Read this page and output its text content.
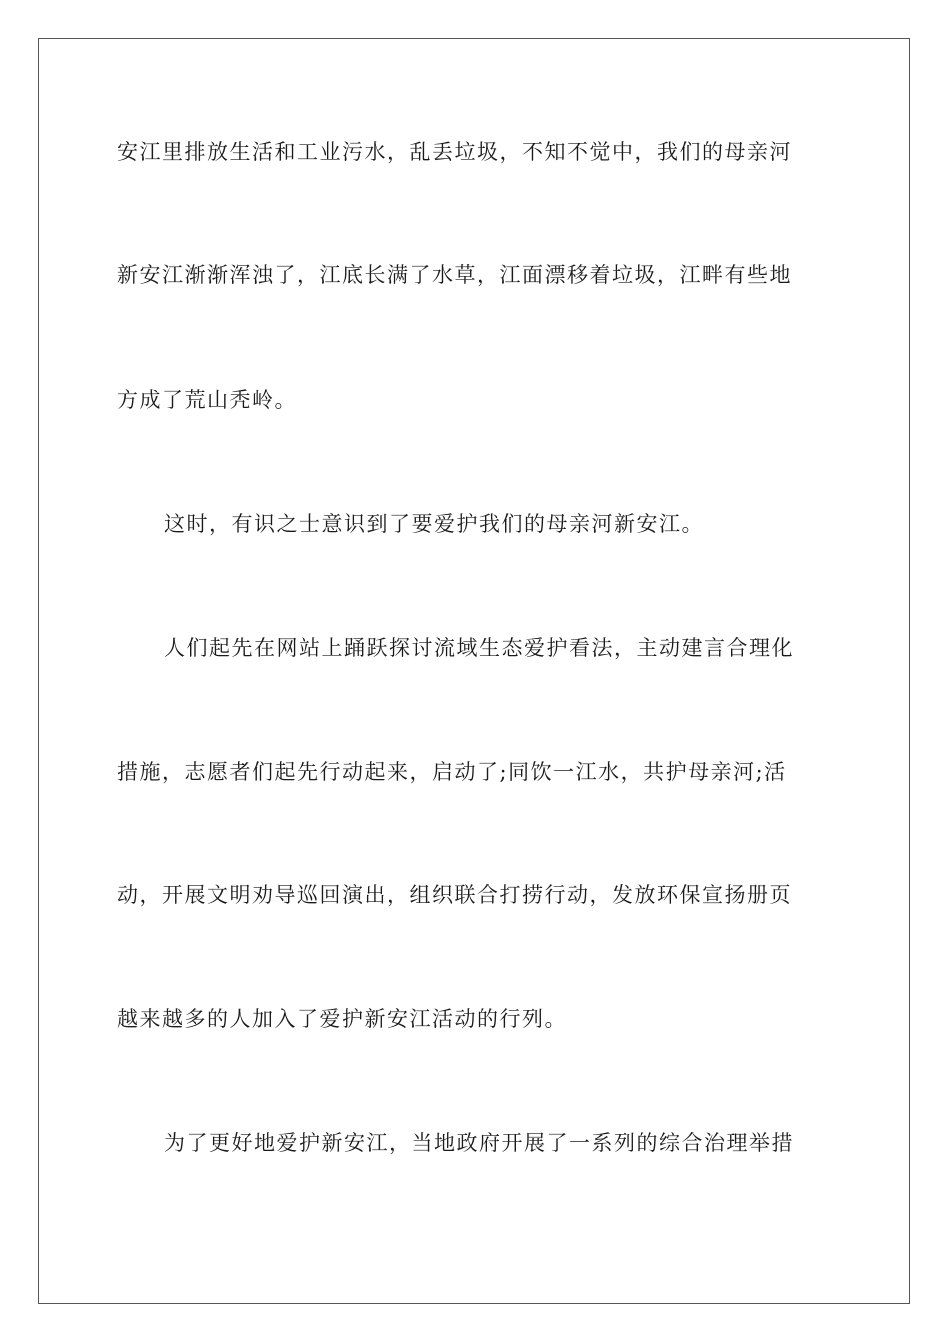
安江里排放生活和工业污水，乱丢垃圾，不知不觉中，我们的母亲河
新安江渐渐浑浊了，江底长满了水草，江面漂移着垃圾，江畔有些地
方成了荒山秃岭。
这时，有识之士意识到了要爱护我们的母亲河新安江。
人们起先在网站上踊跃探讨流域生态爱护看法，主动建言合理化
措施，志愿者们起先行动起来，启动了;同饮一江水，共护母亲河;活
动，开展文明劝导巡回演出，组织联合打捞行动，发放环保宣扬册页
越来越多的人加入了爱护新安江活动的行列。
为了更好地爱护新安江，当地政府开展了一系列的综合治理举措
